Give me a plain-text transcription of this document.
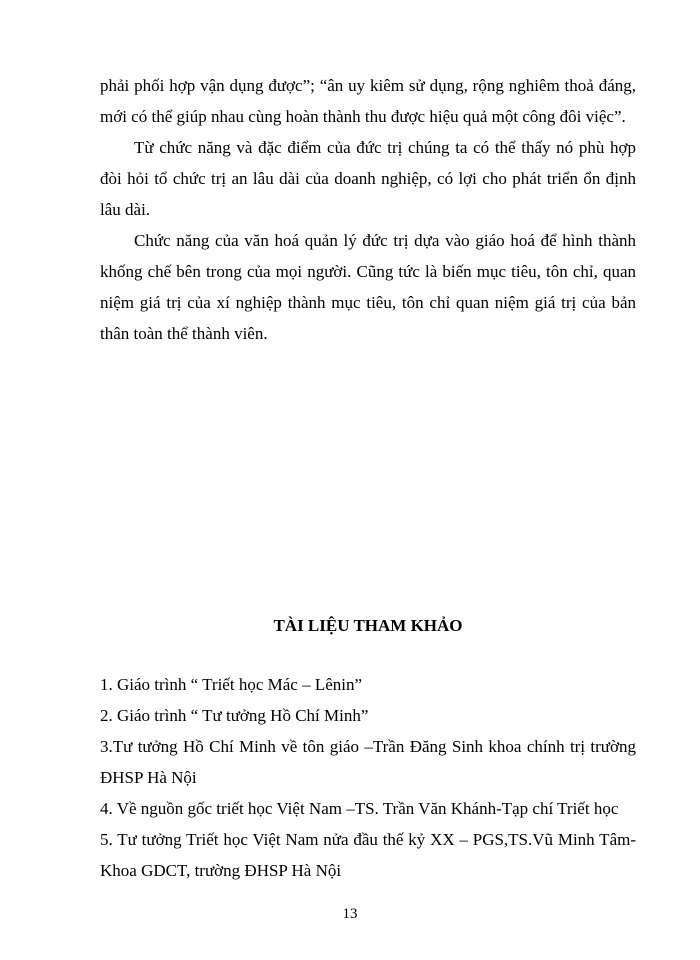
phải phối hợp vận dụng được”; “ân uy kiêm sử dụng, rộng nghiêm thoả đáng, mới có thể giúp nhau cùng hoàn thành thu được hiệu quả một công đôi việc”.

Từ chức năng và đặc điểm của đức trị chúng ta có thể thấy nó phù hợp đòi hỏi tổ chức trị an lâu dài của doanh nghiệp, có lợi cho phát triển ổn định lâu dài.

Chức năng của văn hoá quản lý đức trị dựa vào giáo hoá để hình thành khống chế bên trong của mọi người. Cũng tức là biến mục tiêu, tôn chỉ, quan niệm giá trị của xí nghiệp thành mục tiêu, tôn chỉ quan niệm giá trị của bản thân toàn thể thành viên.

TÀI LIỆU THAM KHẢO
1. Giáo trình “ Triết học Mác – Lênin”
2. Giáo trình “ Tư tưởng Hồ Chí Minh”
3.Tư tưởng Hồ Chí Minh về tôn giáo –Trần Đăng Sinh khoa chính trị trường ĐHSP Hà Nội
4. Về nguồn gốc triết học Việt Nam –TS. Trần Văn Khánh-Tạp chí Triết học
5. Tư tưởng Triết học Việt Nam nửa đầu thế kỷ XX – PGS,TS.Vũ Minh Tâm-Khoa GDCT, trường ĐHSP Hà Nội
13
